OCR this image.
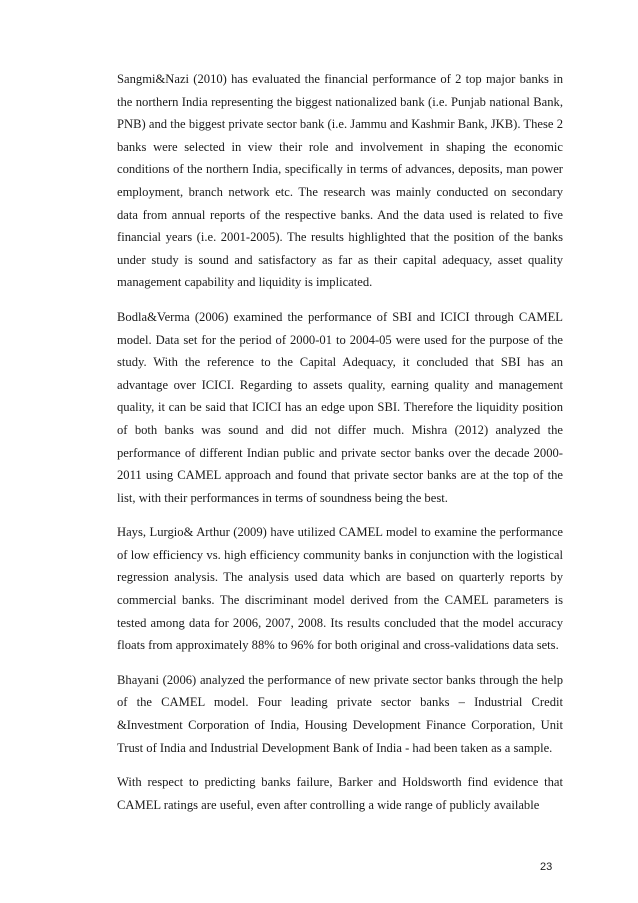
Sangmi&Nazi (2010) has evaluated the financial performance of 2 top major banks in the northern India representing the biggest nationalized bank (i.e. Punjab national Bank, PNB) and the biggest private sector bank (i.e. Jammu and Kashmir Bank, JKB). These 2 banks were selected in view their role and involvement in shaping the economic conditions of the northern India, specifically in terms of advances, deposits, man power employment, branch network etc. The research was mainly conducted on secondary data from annual reports of the respective banks. And the data used is related to five financial years (i.e. 2001-2005). The results highlighted that the position of the banks under study is sound and satisfactory as far as their capital adequacy, asset quality management capability and liquidity is implicated.

Bodla&Verma (2006) examined the performance of SBI and ICICI through CAMEL model. Data set for the period of 2000-01 to 2004-05 were used for the purpose of the study. With the reference to the Capital Adequacy, it concluded that SBI has an advantage over ICICI. Regarding to assets quality, earning quality and management quality, it can be said that ICICI has an edge upon SBI. Therefore the liquidity position of both banks was sound and did not differ much. Mishra (2012) analyzed the performance of different Indian public and private sector banks over the decade 2000-2011 using CAMEL approach and found that private sector banks are at the top of the list, with their performances in terms of soundness being the best.

Hays, Lurgio& Arthur (2009) have utilized CAMEL model to examine the performance of low efficiency vs. high efficiency community banks in conjunction with the logistical regression analysis. The analysis used data which are based on quarterly reports by commercial banks. The discriminant model derived from the CAMEL parameters is tested among data for 2006, 2007, 2008. Its results concluded that the model accuracy floats from approximately 88% to 96% for both original and cross-validations data sets.

Bhayani (2006) analyzed the performance of new private sector banks through the help of the CAMEL model. Four leading private sector banks – Industrial Credit &Investment Corporation of India, Housing Development Finance Corporation, Unit Trust of India and Industrial Development Bank of India - had been taken as a sample.

With respect to predicting banks failure, Barker and Holdsworth find evidence that CAMEL ratings are useful, even after controlling a wide range of publicly available

23
